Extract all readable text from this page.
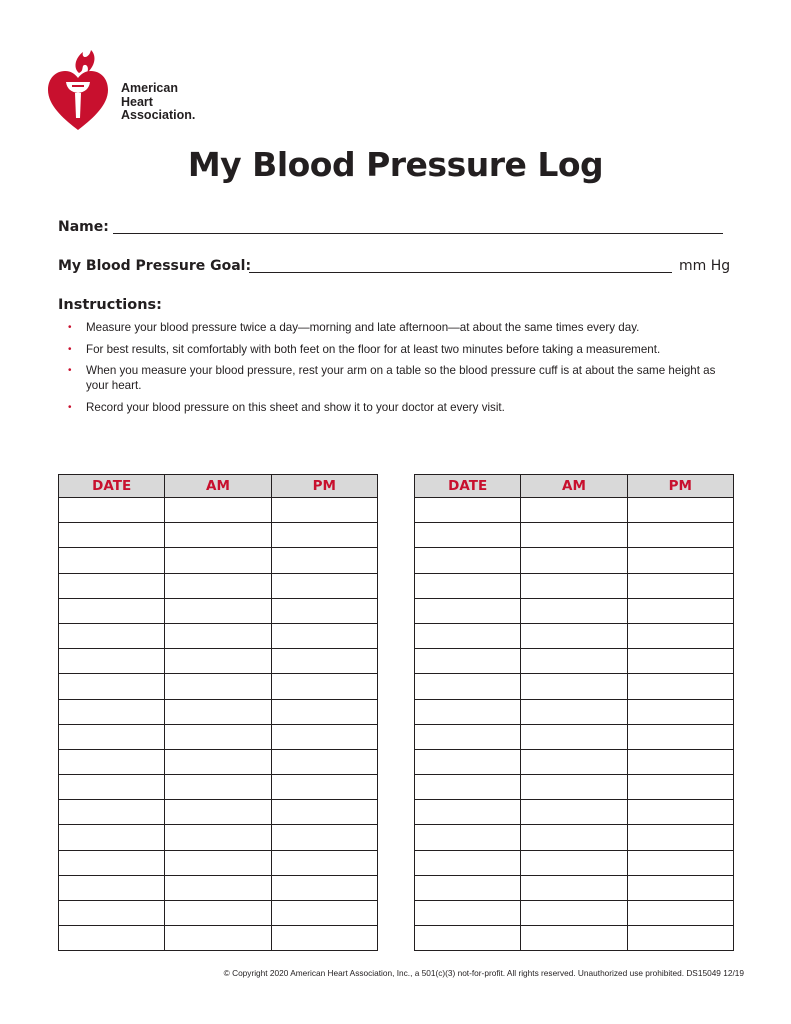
American
Heart
Association.
My Blood Pressure Log
Name:
My Blood Pressure Goal:	mm Hg
Instructions:
• Measure your blood pressure twice a day—morning and late afternoon—at about the same times every day.
• For best results, sit comfortably with both feet on the floor for at least two minutes before taking a measurement.
• When you measure your blood pressure, rest your arm on a table so the blood pressure cuff is at about the same height as your heart.
• Record your blood pressure on this sheet and show it to your doctor at every visit.
DATE	AM	PM

			DATE	AM	PM

© Copyright 2020 American Heart Association, Inc., a 501(c)(3) not-for-profit. All rights reserved. Unauthorized use prohibited. DS15049 12/19
